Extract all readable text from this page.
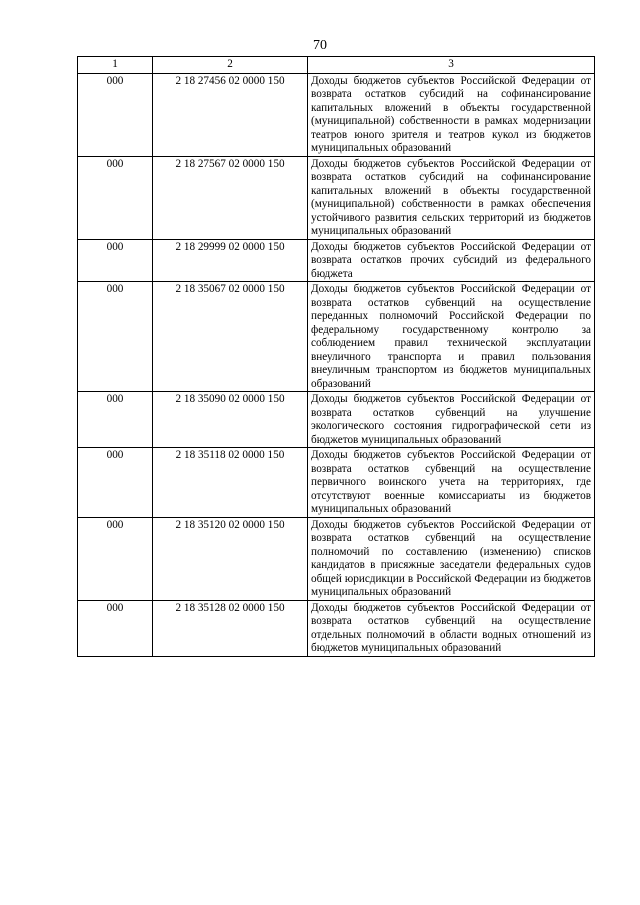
70
1	2	3
000	2 18 27456 02 0000 150	Доходы бюджетов субъектов Российской Федерации от возврата остатков субсидий на софинансирование капитальных вложений в объекты государственной (муниципальной) собственности в рамках модернизации театров юного зрителя и театров кукол из бюджетов муниципальных образований
000	2 18 27567 02 0000 150	Доходы бюджетов субъектов Российской Федерации от возврата остатков субсидий на софинансирование капитальных вложений в объекты государственной (муниципальной) собственности в рамках обеспечения устойчивого развития сельских территорий из бюджетов муниципальных образований
000	2 18 29999 02 0000 150	Доходы бюджетов субъектов Российской Федерации от возврата остатков прочих субсидий из федерального бюджета
000	2 18 35067 02 0000 150	Доходы бюджетов субъектов Российской Федерации от возврата остатков субвенций на осуществление переданных полномочий Российской Федерации по федеральному государственному контролю за соблюдением правил технической эксплуатации внеуличного транспорта и правил пользования внеуличным транспортом из бюджетов муниципальных образований
000	2 18 35090 02 0000 150	Доходы бюджетов субъектов Российской Федерации от возврата остатков субвенций на улучшение экологического состояния гидрографической сети из бюджетов муниципальных образований
000	2 18 35118 02 0000 150	Доходы бюджетов субъектов Российской Федерации от возврата остатков субвенций на осуществление первичного воинского учета на территориях, где отсутствуют военные комиссариаты из бюджетов муниципальных образований
000	2 18 35120 02 0000 150	Доходы бюджетов субъектов Российской Федерации от возврата остатков субвенций на осуществление полномочий по составлению (изменению) списков кандидатов в присяжные заседатели федеральных судов общей юрисдикции в Российской Федерации из бюджетов муниципальных образований
000	2 18 35128 02 0000 150	Доходы бюджетов субъектов Российской Федерации от возврата остатков субвенций на осуществление отдельных полномочий в области водных отношений из бюджетов муниципальных образований
